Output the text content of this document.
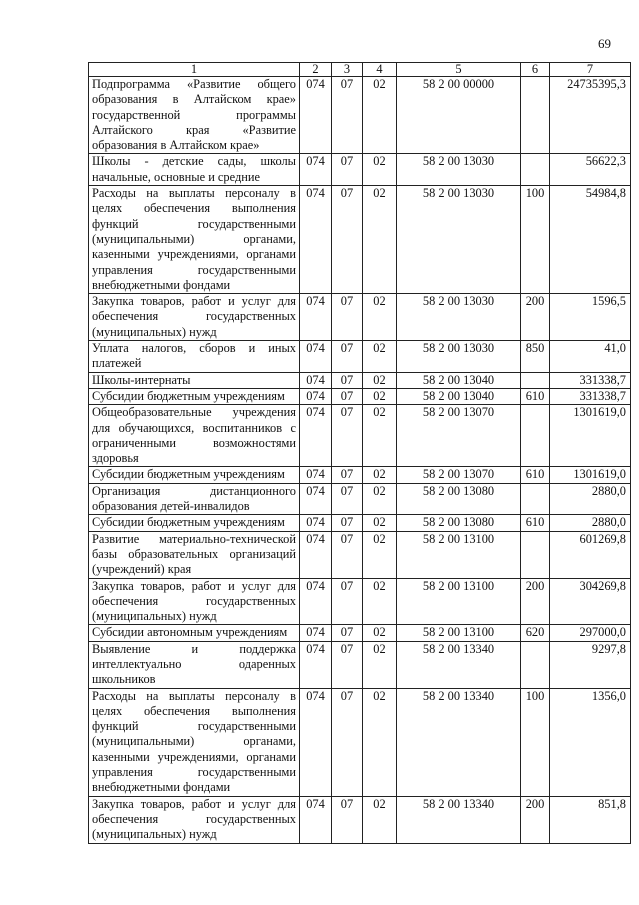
69
1	2	3	4	5	6	7
Подпрограмма «Развитие общего образования в Алтайском крае» государственной программы Алтайского края «Развитие образования в Алтайском крае»	074	07	02	58 2 00 00000		24735395,3
Школы - детские сады, школы начальные, основные и средние	074	07	02	58 2 00 13030		56622,3
Расходы на выплаты персоналу в целях обеспечения выполнения функций государственными (муниципальными) органами, казенными учреждениями, органами управления государственными внебюджетными фондами	074	07	02	58 2 00 13030	100	54984,8
Закупка товаров, работ и услуг для обеспечения государственных (муниципальных) нужд	074	07	02	58 2 00 13030	200	1596,5
Уплата налогов, сборов и иных платежей	074	07	02	58 2 00 13030	850	41,0
Школы-интернаты	074	07	02	58 2 00 13040		331338,7
Субсидии бюджетным учреждениям	074	07	02	58 2 00 13040	610	331338,7
Общеобразовательные учреждения для обучающихся, воспитанников с ограниченными возможностями здоровья	074	07	02	58 2 00 13070		1301619,0
Субсидии бюджетным учреждениям	074	07	02	58 2 00 13070	610	1301619,0
Организация дистанционного образования детей-инвалидов	074	07	02	58 2 00 13080		2880,0
Субсидии бюджетным учреждениям	074	07	02	58 2 00 13080	610	2880,0
Развитие материально-технической базы образовательных организаций (учреждений) края	074	07	02	58 2 00 13100		601269,8
Закупка товаров, работ и услуг для обеспечения государственных (муниципальных) нужд	074	07	02	58 2 00 13100	200	304269,8
Субсидии автономным учреждениям	074	07	02	58 2 00 13100	620	297000,0
Выявление и поддержка интеллектуально одаренных школьников	074	07	02	58 2 00 13340		9297,8
Расходы на выплаты персоналу в целях обеспечения выполнения функций государственными (муниципальными) органами, казенными учреждениями, органами управления государственными внебюджетными фондами	074	07	02	58 2 00 13340	100	1356,0
Закупка товаров, работ и услуг для обеспечения государственных (муниципальных) нужд	074	07	02	58 2 00 13340	200	851,8
